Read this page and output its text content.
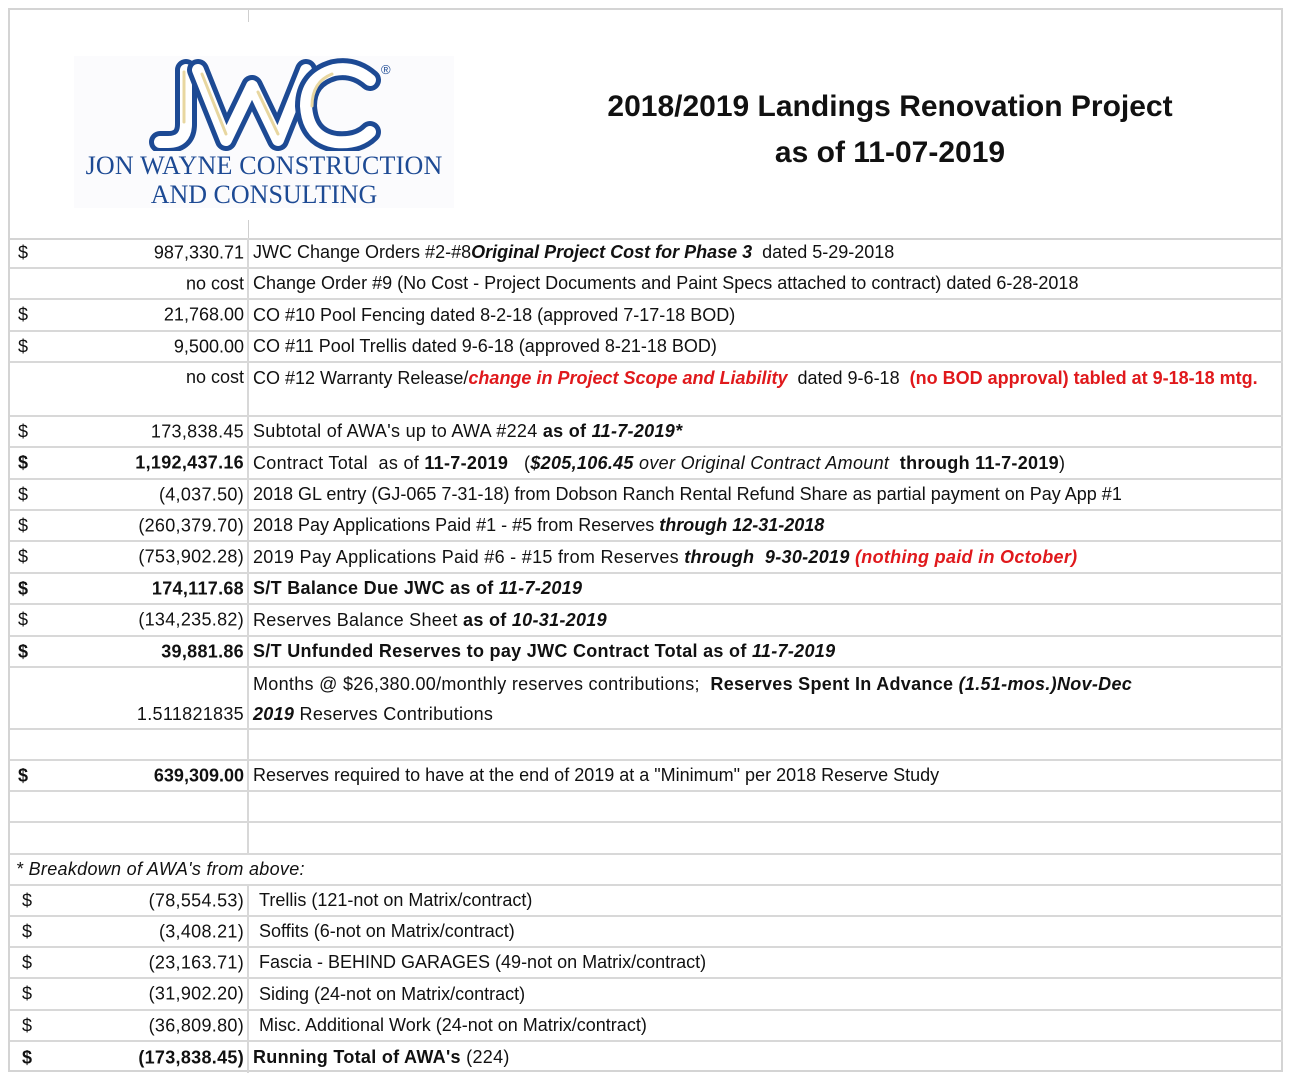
®
JON WAYNE CONSTRUCTION
AND CONSULTING
2018/2019 Landings Renovation Project
as of 11-07-2019
$	987,330.71 JWC Change Orders #2-#8 Original Project Cost for Phase 3 dated 5-29-2018
no cost Change Order #9 (No Cost - Project Documents and Paint Specs attached to contract) dated 6-28-2018
$	21,768.00 CO #10 Pool Fencing dated 8-2-18 (approved 7-17-18 BOD)
$	9,500.00 CO #11 Pool Trellis dated 9-6-18 (approved 8-21-18 BOD)
no cost CO #12 Warranty Release/change in Project Scope and Liability  dated 9-6-18  (no BOD approval) tabled at 9-18-18 mtg.
$	173,838.45 Subtotal of AWA's up to AWA #224 as of 11-7-2019*
$	1,192,437.16 Contract Total  as of 11-7-2019 ( $205,106.45 over Original Contract Amount through 11-7-2019 )
$	(4,037.50) 2018 GL entry (GJ-065 7-31-18) from Dobson Ranch Rental Refund Share as partial payment on Pay App #1
$	(260,379.70) 2018 Pay Applications Paid #1 - #5 from Reserves through 12-31-2018
$	(753,902.28) 2019 Pay Applications Paid #6 - #15 from Reserves through  9-30-2019 (nothing paid in October)
$	174,117.68 S/T Balance Due JWC as of 11-7-2019
$	(134,235.82) Reserves Balance Sheet as of 10-31-2019
$	39,881.86 S/T Unfunded Reserves to pay JWC Contract Total as of 11-7-2019
1.511821835
Months @ $26,380.00/monthly reserves contributions;  Reserves Spent In Advance (1.51-mos.)Nov-Dec
2019 Reserves Contributions
$	639,309.00 Reserves required to have at the end of 2019 at a "Minimum" per 2018 Reserve Study
* Breakdown of AWA's from above:
$	(78,554.53) Trellis (121-not on Matrix/contract)
$	(3,408.21) Soffits (6-not on Matrix/contract)
$	(23,163.71) Fascia - BEHIND GARAGES (49-not on Matrix/contract)
$	(31,902.20) Siding (24-not on Matrix/contract)
$	(36,809.80) Misc. Additional Work (24-not on Matrix/contract)
$	(173,838.45) Running Total of AWA's (224)
